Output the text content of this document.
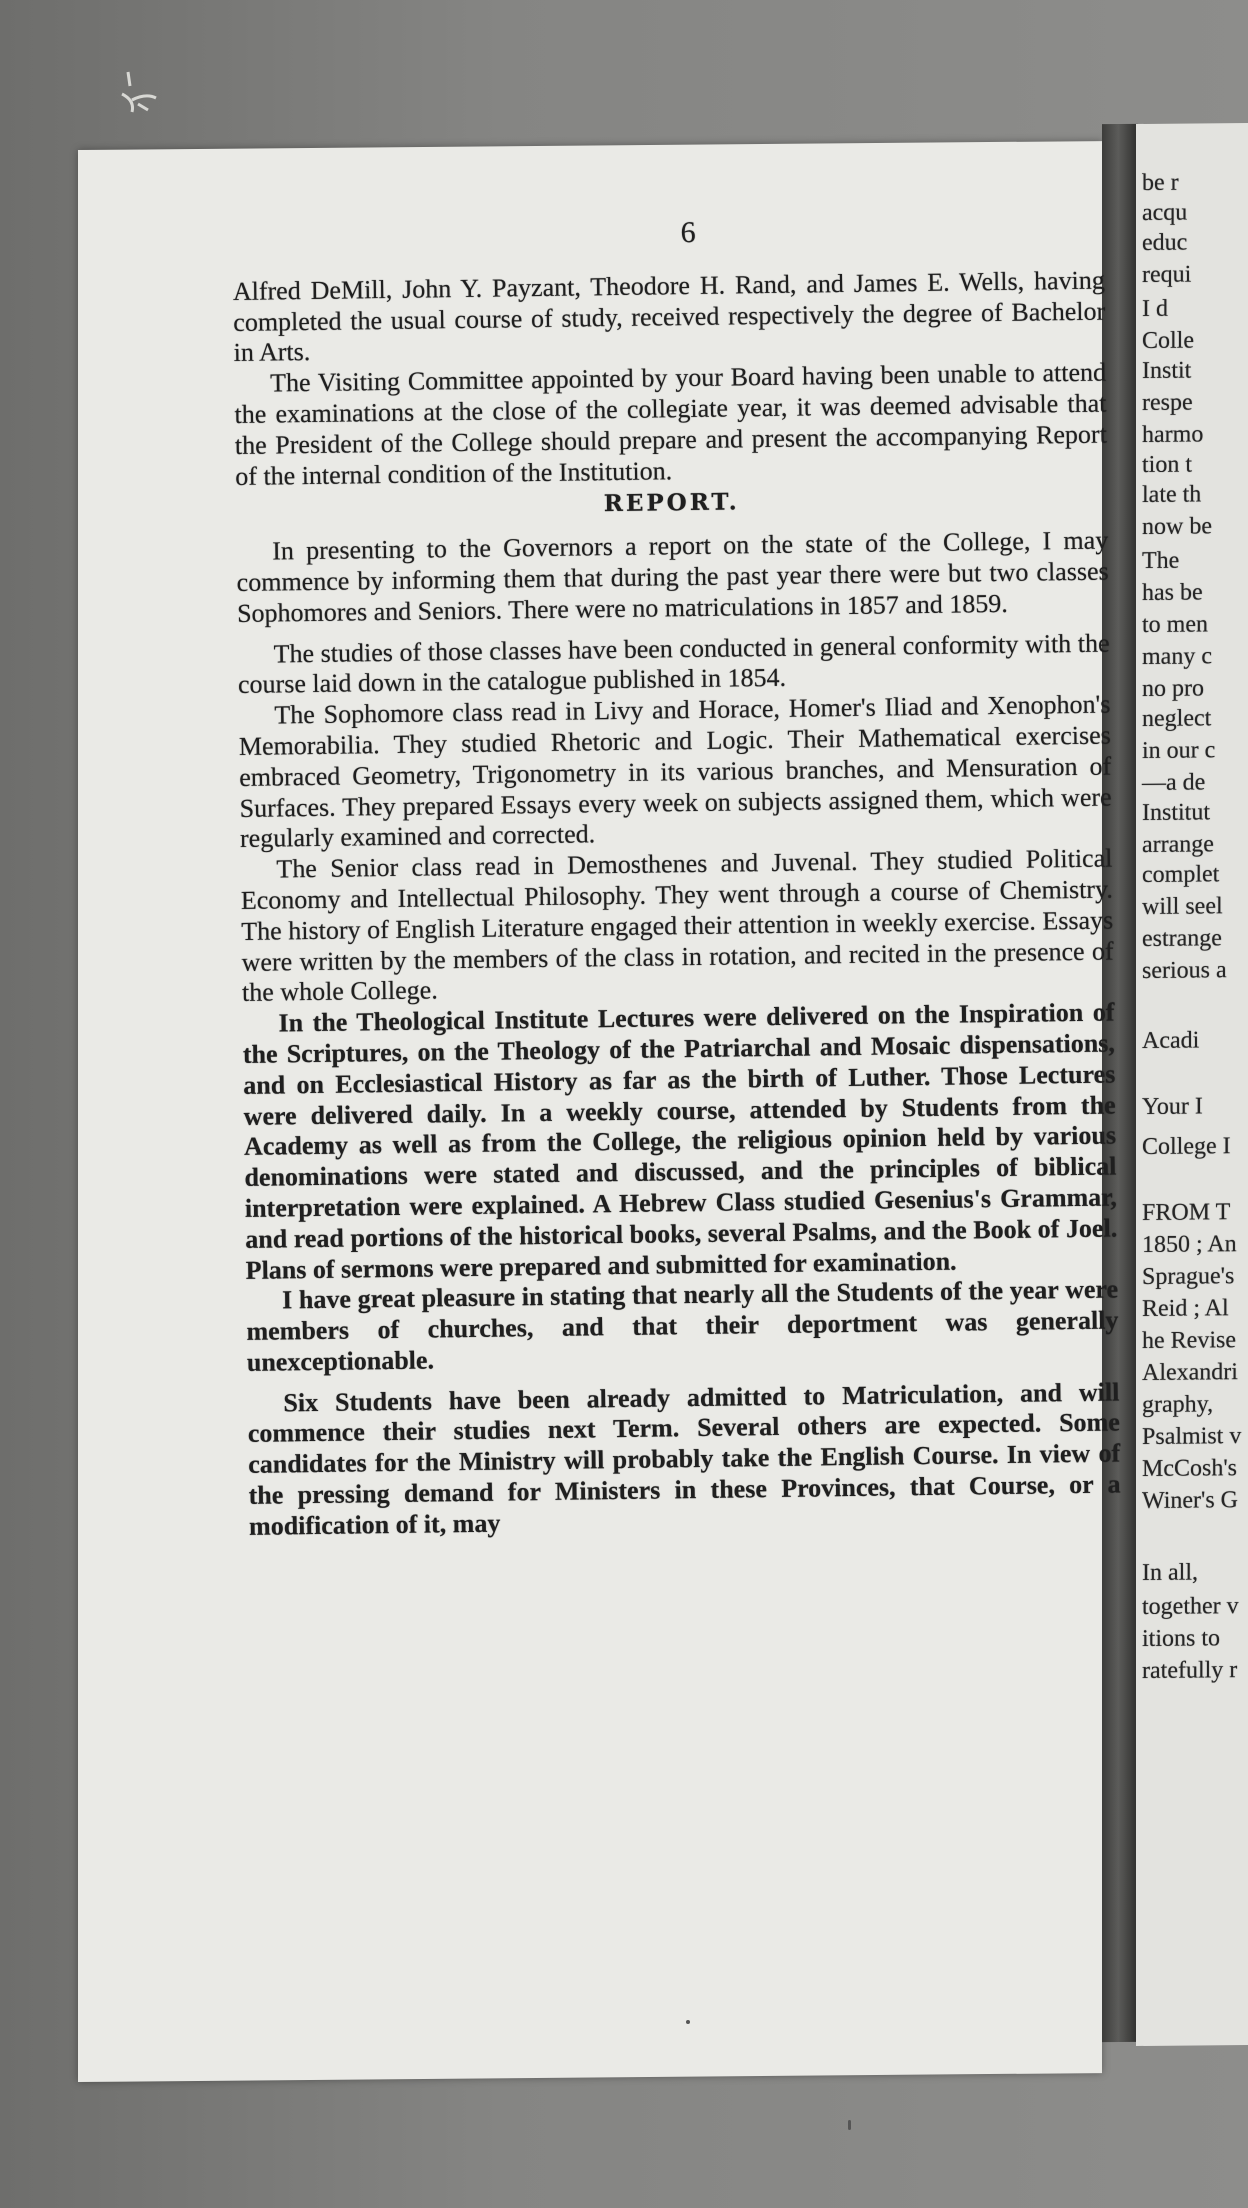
be r
acqu
educ
requi
I d
Colle
Instit
respe
harmo
tion t
late th
now be
The
has be
to men
many c
no pro
neglect
in our c
—a de
Institut
arrange
complet
will seel
estrange
serious a
Acadi
Your I
College I
FROM T
1850 ; An
Sprague's
Reid ; Al
he Revise
Alexandri
graphy,
Psalmist v
McCosh's
Winer's G
In all,
together v
itions to
ratefully r
6

Alfred DeMill, John Y. Payzant, Theodore H. Rand, and James E. Wells, having completed the usual course of study, received respectively the degree of Bachelor in Arts.

The Visiting Committee appointed by your Board having been unable to attend the examinations at the close of the collegiate year, it was deemed advisable that the President of the College should prepare and present the accompanying Report of the internal condition of the Institution.

REPORT.

In presenting to the Governors a report on the state of the College, I may commence by informing them that during the past year there were but two classes Sophomores and Seniors. There were no matriculations in 1857 and 1859.

The studies of those classes have been conducted in general conformity with the course laid down in the catalogue published in 1854.

The Sophomore class read in Livy and Horace, Homer's Iliad and Xenophon's Memorabilia. They studied Rhetoric and Logic. Their Mathematical exercises embraced Geometry, Trigonometry in its various branches, and Mensuration of Surfaces. They prepared Essays every week on subjects assigned them, which were regularly examined and corrected.

The Senior class read in Demosthenes and Juvenal. They studied Political Economy and Intellectual Philosophy. They went through a course of Chemistry. The history of English Literature engaged their attention in weekly exercise. Essays were written by the members of the class in rotation, and recited in the presence of the whole College.

In the Theological Institute Lectures were delivered on the Inspiration of the Scriptures, on the Theology of the Patriarchal and Mosaic dispensations, and on Ecclesiastical History as far as the birth of Luther. Those Lectures were delivered daily. In a weekly course, attended by Students from the Academy as well as from the College, the religious opinion held by various denominations were stated and discussed, and the principles of biblical interpretation were explained. A Hebrew Class studied Gesenius's Grammar, and read portions of the historical books, several Psalms, and the Book of Joel. Plans of sermons were prepared and submitted for examination.

I have great pleasure in stating that nearly all the Students of the year were members of churches, and that their deportment was generally unexceptionable.

Six Students have been already admitted to Matriculation, and will commence their studies next Term. Several others are expected. Some candidates for the Ministry will probably take the English Course. In view of the pressing demand for Ministers in these Provinces, that Course, or a modification of it, may
